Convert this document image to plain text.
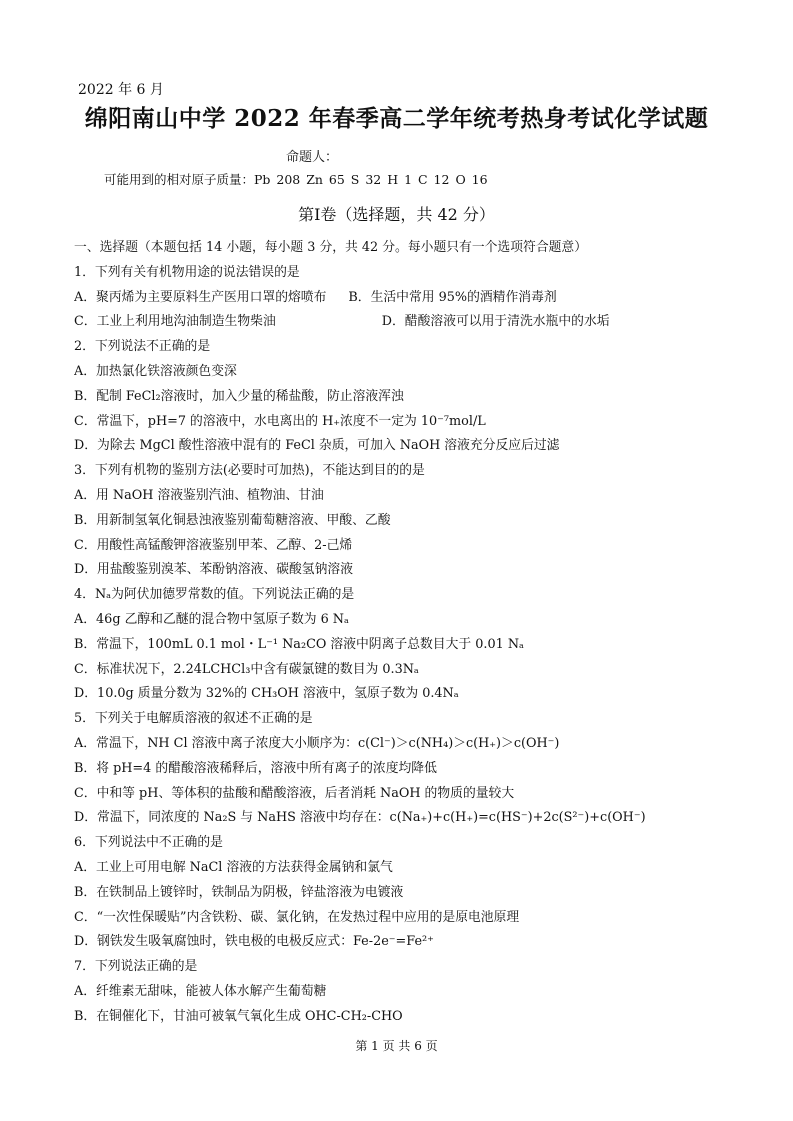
2022 年 6 月
绵阳南山中学 2022 年春季高二学年统考热身考试化学试题
命题人：
可能用到的相对原子质量：Pb 208 Zn 65 S 32 H 1 C 12 O 16
第Ⅰ卷（选择题，共 42 分）
一、选择题（本题包括 14 小题，每小题 3 分，共 42 分。每小题只有一个选项符合题意）
1．下列有关有机物用途的说法错误的是
A．聚丙烯为主要原料生产医用口罩的熔喷布 B．生活中常用 95%的酒精作消毒剂
C．工业上利用地沟油制造生物柴油	D．醋酸溶液可以用于清洗水瓶中的水垢
2．下列说法不正确的是
A．加热氯化铁溶液颜色变深
B．配制 FeCl₂溶液时，加入少量的稀盐酸，防止溶液浑浊
C．常温下，pH=7 的溶液中，水电离出的 H₊浓度不一定为 10⁻⁷mol/L
D．为除去 MgCl 酸性溶液中混有的 FeCl 杂质，可加入 NaOH 溶液充分反应后过滤
3．下列有机物的鉴别方法(必要时可加热)，不能达到目的的是
A．用 NaOH 溶液鉴别汽油、植物油、甘油
B．用新制氢氧化铜悬浊液鉴别葡萄糖溶液、甲酸、乙酸
C．用酸性高锰酸钾溶液鉴别甲苯、乙醇、2-己烯
D．用盐酸鉴别溴苯、苯酚钠溶液、碳酸氢钠溶液
4．Nₐ为阿伏加德罗常数的值。下列说法正确的是
A．46g 乙醇和乙醚的混合物中氢原子数为 6 Nₐ
B．常温下，100mL 0.1 mol・L⁻¹ Na₂CO 溶液中阴离子总数目大于 0.01 Nₐ
C．标准状况下，2.24LCHCl₃中含有碳氯键的数目为 0.3Nₐ
D．10.0g 质量分数为 32%的 CH₃OH 溶液中，氢原子数为 0.4Nₐ
5．下列关于电解质溶液的叙述不正确的是
A．常温下，NH Cl 溶液中离子浓度大小顺序为：c(Cl⁻)＞c(NH₄)＞c(H₊)＞c(OH⁻)
B．将 pH=4 的醋酸溶液稀释后，溶液中所有离子的浓度均降低
C．中和等 pH、等体积的盐酸和醋酸溶液，后者消耗 NaOH 的物质的量较大
D．常温下，同浓度的 Na₂S 与 NaHS 溶液中均存在：c(Na₊)+c(H₊)=c(HS⁻)+2c(S²⁻)+c(OH⁻)
6．下列说法中不正确的是
A．工业上可用电解 NaCl 溶液的方法获得金属钠和氯气
B．在铁制品上镀锌时，铁制品为阴极，锌盐溶液为电镀液
C．“一次性保暖贴”内含铁粉、碳、氯化钠，在发热过程中应用的是原电池原理
D．钢铁发生吸氧腐蚀时，铁电极的电极反应式：Fe-2e⁻=Fe²⁺
7．下列说法正确的是
A．纤维素无甜味，能被人体水解产生葡萄糖
B．在铜催化下，甘油可被氧气氧化生成 OHC-CH₂-CHO
第 1 页 共 6 页
